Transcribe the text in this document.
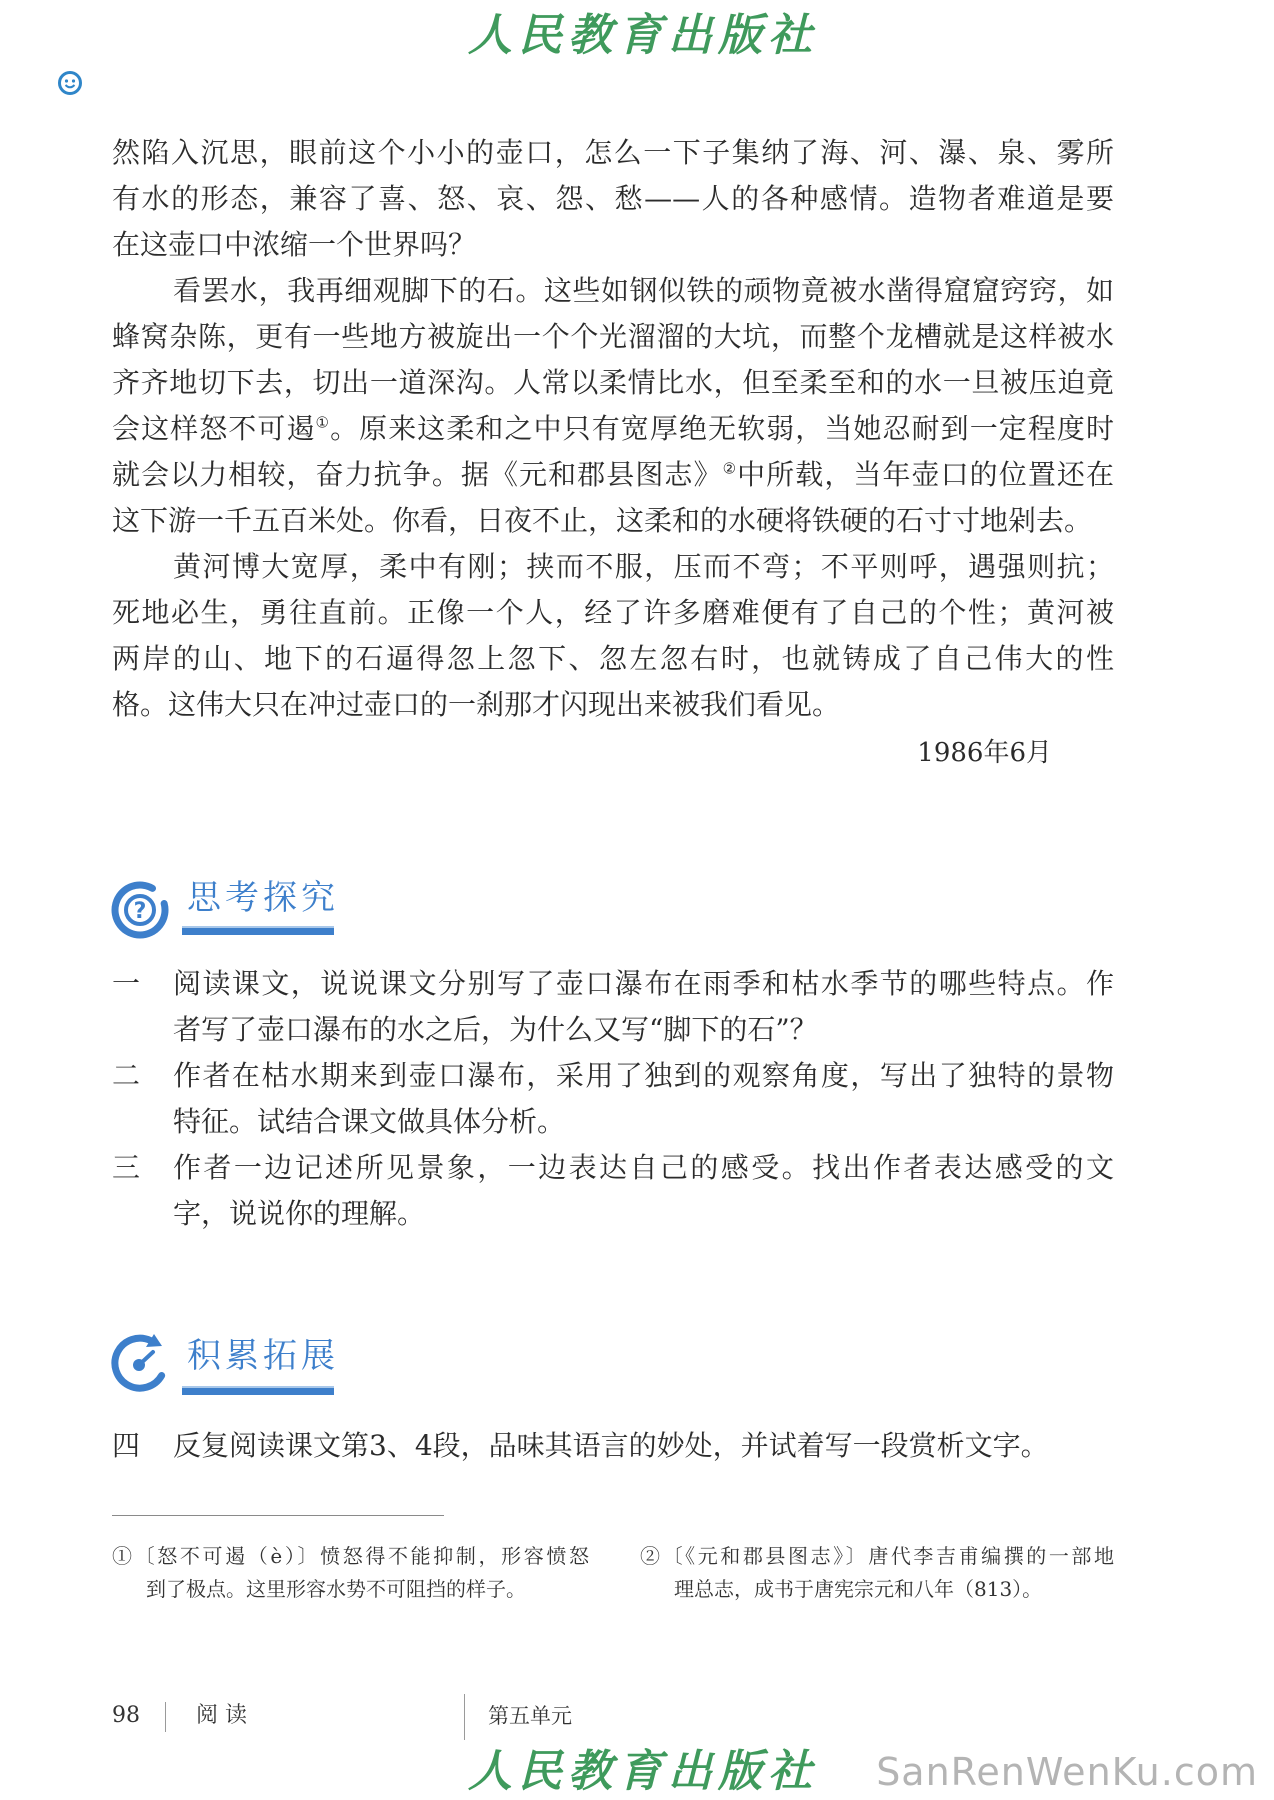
人民教育出版社
然陷入沉思，眼前这个小小的壶口，怎么一下子集纳了海、河、瀑、泉、雾所
有水的形态，兼容了喜、怒、哀、怨、愁——人的各种感情。造物者难道是要
在这壶口中浓缩一个世界吗？
看罢水，我再细观脚下的石。这些如钢似铁的顽物竟被水凿得窟窟窍窍，如
蜂窝杂陈，更有一些地方被旋出一个个光溜溜的大坑，而整个龙槽就是这样被水
齐齐地切下去，切出一道深沟。人常以柔情比水，但至柔至和的水一旦被压迫竟
会这样怒不可遏①。原来这柔和之中只有宽厚绝无软弱，当她忍耐到一定程度时
就会以力相较，奋力抗争。据《元和郡县图志》②中所载，当年壶口的位置还在
这下游一千五百米处。你看，日夜不止，这柔和的水硬将铁硬的石寸寸地剁去。
黄河博大宽厚，柔中有刚；挟而不服，压而不弯；不平则呼，遇强则抗；
死地必生，勇往直前。正像一个人，经了许多磨难便有了自己的个性；黄河被
两岸的山、地下的石逼得忽上忽下、忽左忽右时，也就铸成了自己伟大的性
格。这伟大只在冲过壶口的一刹那才闪现出来被我们看见。
1986年6月
? 思考探究
一 阅读课文，说说课文分别写了壶口瀑布在雨季和枯水季节的哪些特点。作
者写了壶口瀑布的水之后，为什么又写“脚下的石”？
二 作者在枯水期来到壶口瀑布，采用了独到的观察角度，写出了独特的景物
特征。试结合课文做具体分析。
三 作者一边记述所见景象，一边表达自己的感受。找出作者表达感受的文
字，说说你的理解。
积累拓展
四 反复阅读课文第3、4段，品味其语言的妙处，并试着写一段赏析文字。
①〔怒不可遏（è）〕愤怒得不能抑制，形容愤怒
到了极点。这里形容水势不可阻挡的样子。
②〔《元和郡县图志》〕唐代李吉甫编撰的一部地
理总志，成书于唐宪宗元和八年（813）。
98	阅 读	第五单元
人民教育出版社	SanRenWenKu.com
